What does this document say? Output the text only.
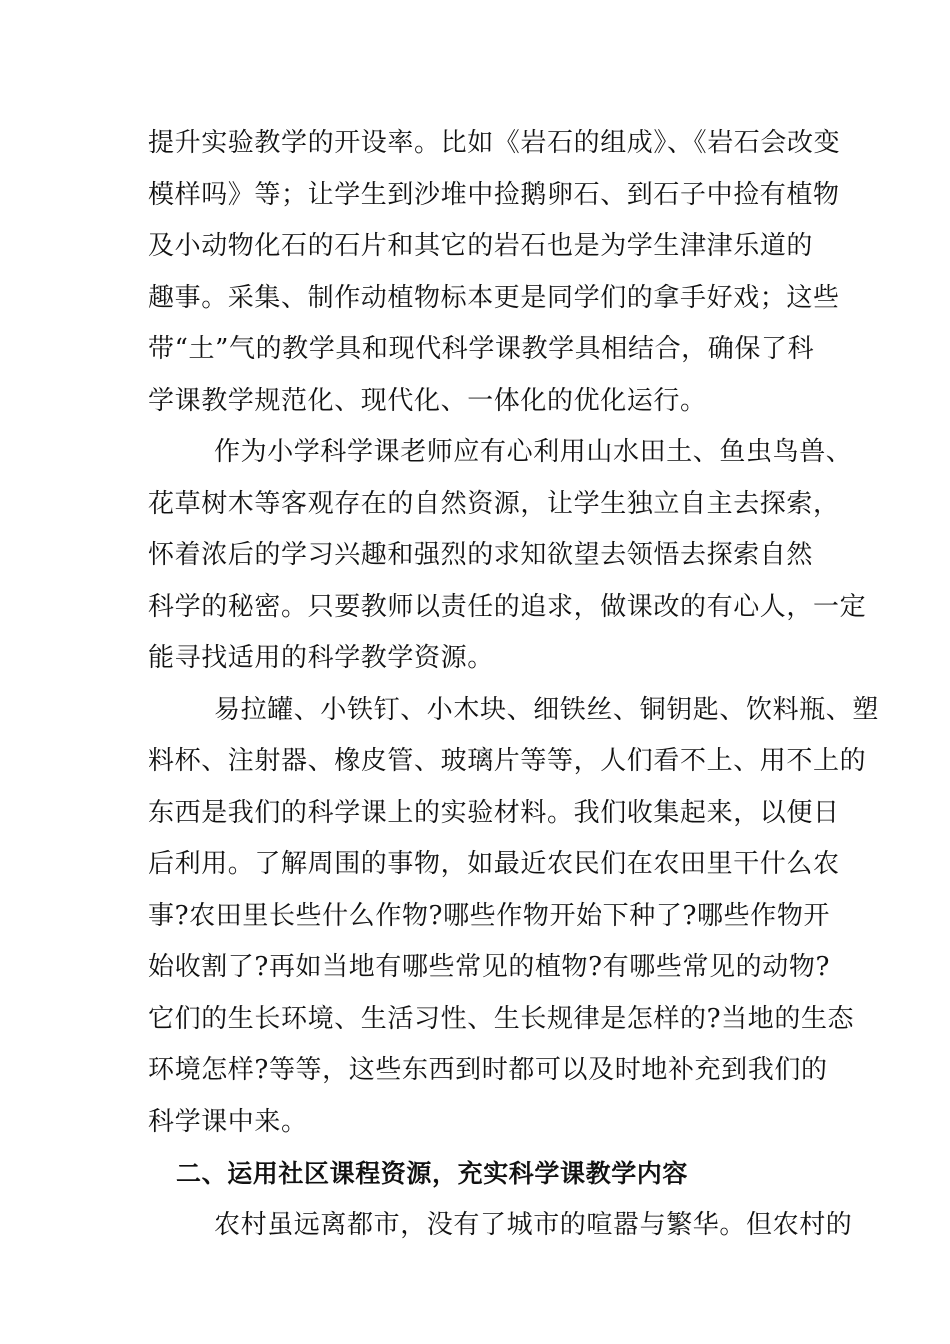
提升实验教学的开设率。比如《岩石的组成》、《岩石会改变
模样吗》等；让学生到沙堆中捡鹅卵石、到石子中捡有植物
及小动物化石的石片和其它的岩石也是为学生津津乐道的
趣事。采集、制作动植物标本更是同学们的拿手好戏；这些
带“土”气的教学具和现代科学课教学具相结合，确保了科
学课教学规范化、现代化、一体化的优化运行。
作为小学科学课老师应有心利用山水田土、鱼虫鸟兽、
花草树木等客观存在的自然资源，让学生独立自主去探索，
怀着浓后的学习兴趣和强烈的求知欲望去领悟去探索自然
科学的秘密。只要教师以责任的追求，做课改的有心人，一定
能寻找适用的科学教学资源。
易拉罐、小铁钉、小木块、细铁丝、铜钥匙、饮料瓶、塑
料杯、注射器、橡皮管、玻璃片等等，人们看不上、用不上的
东西是我们的科学课上的实验材料。我们收集起来，以便日
后利用。了解周围的事物，如最近农民们在农田里干什么农
事?农田里长些什么作物?哪些作物开始下种了?哪些作物开
始收割了?再如当地有哪些常见的植物?有哪些常见的动物?
它们的生长环境、生活习性、生长规律是怎样的?当地的生态
环境怎样?等等，这些东西到时都可以及时地补充到我们的
科学课中来。
二、运用社区课程资源，充实科学课教学内容
农村虽远离都市，没有了城市的喧嚣与繁华。但农村的
